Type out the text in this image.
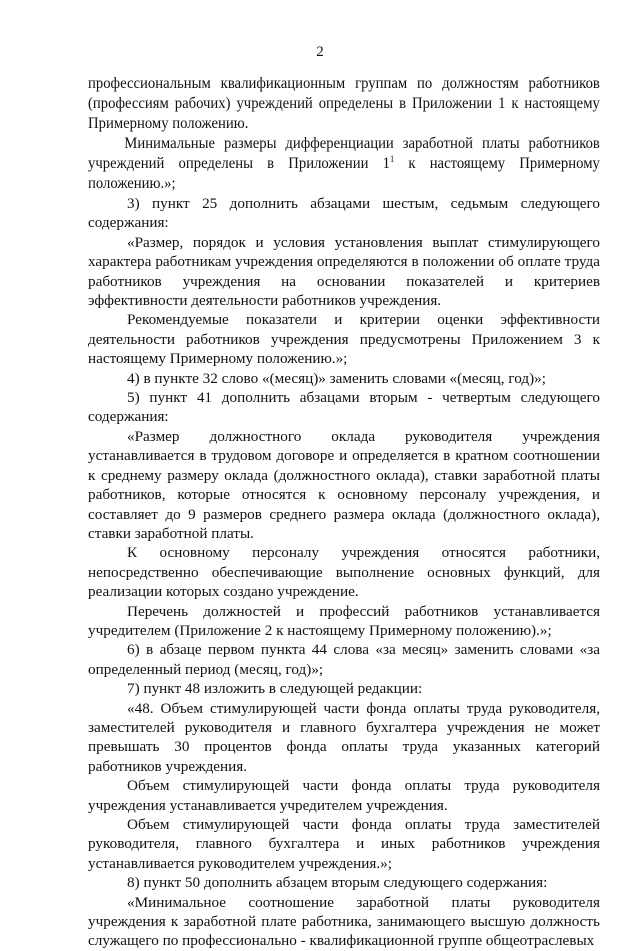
2

профессиональным квалификационным группам по должностям работников (профессиям рабочих) учреждений определены в Приложении 1 к настоящему Примерному положению.

Минимальные размеры дифференциации заработной платы работников учреждений определены в Приложении $1^1$ к настоящему Примерному положению.»;

3) пункт 25 дополнить абзацами шестым, седьмым следующего содержания:

«Размер, порядок и условия установления выплат стимулирующего характера работникам учреждения определяются в положении об оплате труда работников учреждения на основании показателей и критериев эффективности деятельности работников учреждения.

Рекомендуемые показатели и критерии оценки эффективности деятельности работников учреждения предусмотрены Приложением 3 к настоящему Примерному положению.»;

4) в пункте 32 слово «(месяц)» заменить словами «(месяц, год)»;

5) пункт 41 дополнить абзацами вторым - четвертым следующего содержания:

«Размер должностного оклада руководителя учреждения устанавливается в трудовом договоре и определяется в кратном соотношении к среднему размеру оклада (должностного оклада), ставки заработной платы работников, которые относятся к основному персоналу учреждения, и составляет до 9 размеров среднего размера оклада (должностного оклада), ставки заработной платы.

К основному персоналу учреждения относятся работники, непосредственно обеспечивающие выполнение основных функций, для реализации которых создано учреждение.

Перечень должностей и профессий работников устанавливается учредителем (Приложение 2 к настоящему Примерному положению).»;

6) в абзаце первом пункта 44 слова «за месяц» заменить словами «за определенный период (месяц, год)»;

7) пункт 48 изложить в следующей редакции:

«48. Объем стимулирующей части фонда оплаты труда руководителя, заместителей руководителя и главного бухгалтера учреждения не может превышать 30 процентов фонда оплаты труда указанных категорий работников учреждения.

Объем стимулирующей части фонда оплаты труда руководителя учреждения устанавливается учредителем учреждения.

Объем стимулирующей части фонда оплаты труда заместителей руководителя, главного бухгалтера и иных работников учреждения устанавливается руководителем учреждения.»;

8) пункт 50 дополнить абзацем вторым следующего содержания:

«Минимальное соотношение заработной платы руководителя учреждения к заработной плате работника, занимающего высшую должность служащего по профессионально - квалификационной группе общеотраслевых
